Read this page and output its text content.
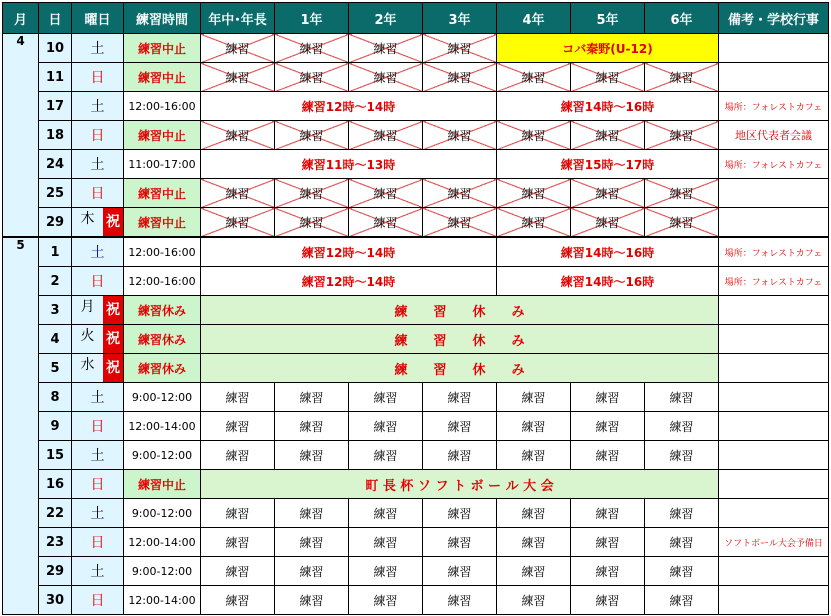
月	日	曜日	練習時間	年中･年長	1年	2年	3年	4年	5年	6年	備考・学校行事
4	10	土	練習中止	練習	練習	練習	練習	コバ秦野(U-12)			
	11	日	練習中止	練習	練習	練習	練習	練習	練習	練習	
	17	土	12:00-16:00	練習12時～14時				練習14時～16時			場所：フォレストカフェ
	18	日	練習中止	練習	練習	練習	練習	練習	練習	練習	地区代表者会議
	24	土	11:00-17:00	練習11時～13時				練習15時～17時			場所：フォレストカフェ
	25	日	練習中止	練習	練習	練習	練習	練習	練習	練習	
	29	木 祝	練習中止	練習	練習	練習	練習	練習	練習	練習	
5	1	土	12:00-16:00	練習12時～14時				練習14時～16時			場所：フォレストカフェ
	2	日	12:00-16:00	練習12時～14時				練習14時～16時			場所：フォレストカフェ
	3	月 祝	練習休み	練　　習　　休　　み							
	4	火 祝	練習休み	練　　習　　休　　み							
	5	水 祝	練習休み	練　　習　　休　　み							
	8	土	9:00-12:00	練習	練習	練習	練習	練習	練習	練習	
	9	日	12:00-14:00	練習	練習	練習	練習	練習	練習	練習	
	15	土	9:00-12:00	練習	練習	練習	練習	練習	練習	練習	
	16	日	練習中止	町 長 杯 ソ フ ト ボ ー ル 大 会							
	22	土	9:00-12:00	練習	練習	練習	練習	練習	練習	練習	
	23	日	12:00-14:00	練習	練習	練習	練習	練習	練習	練習	ソフトボール大会予備日
	29	土	9:00-12:00	練習	練習	練習	練習	練習	練習	練習	
	30	日	12:00-14:00	練習	練習	練習	練習	練習	練習	練習	
